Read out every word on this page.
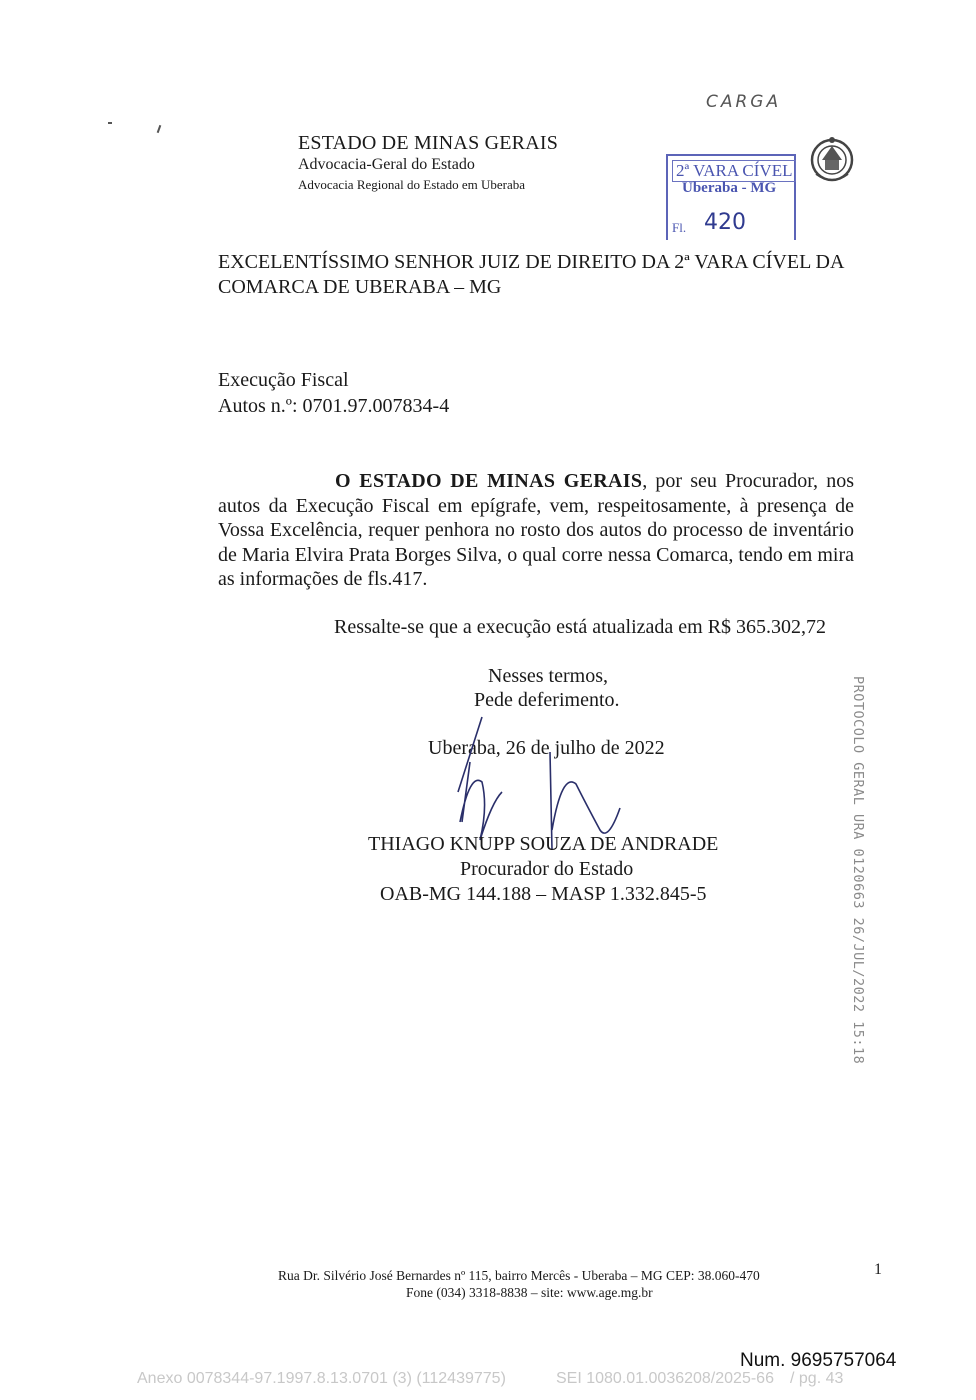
CARGA
ESTADO DE MINAS GERAIS
Advocacia-Geral do Estado
Advocacia Regional do Estado em Uberaba
2ª VARA CÍVEL
Uberaba - MG
Fl. 420
EXCELENTÍSSIMO SENHOR JUIZ DE DIREITO DA 2ª VARA CÍVEL DA COMARCA DE UBERABA – MG
Execução Fiscal
Autos n.º: 0701.97.007834-4
O ESTADO DE MINAS GERAIS, por seu Procurador, nos autos da Execução Fiscal em epígrafe, vem, respeitosamente, à presença de Vossa Excelência, requer penhora no rosto dos autos do processo de inventário de Maria Elvira Prata Borges Silva, o qual corre nessa Comarca, tendo em mira as informações de fls.417.
Ressalte-se que a execução está atualizada em R$ 365.302,72
Nesses termos,
Pede deferimento.
Uberaba, 26 de julho de 2022
THIAGO KNUPP SOUZA DE ANDRADE
Procurador do Estado
OAB-MG 144.188 – MASP 1.332.845-5	PROTOCOLO GERAL URA 0120663 26/JUL/2022 15:18
Rua Dr. Silvério José Bernardes nº 115, bairro Mercês - Uberaba – MG CEP: 38.060-470
Fone (034) 3318-8838 – site: www.age.mg.br
1
Num. 9695757064
Anexo 0078344-97.1997.8.13.0701 (3) (112439775)	SEI 1080.01.0036208/2025-66 / pg. 43
